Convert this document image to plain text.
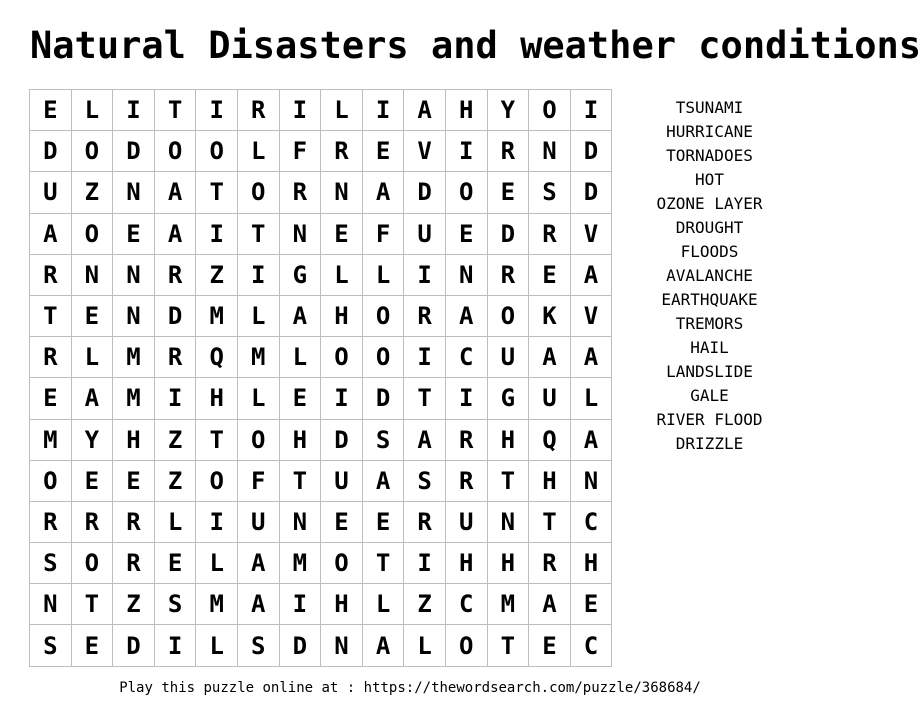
Natural Disasters and weather conditions
E	L	I	T	I	R	I	L	I	A	H	Y	O	I
D	O	D	O	O	L	F	R	E	V	I	R	N	D
U	Z	N	A	T	O	R	N	A	D	O	E	S	D
A	O	E	A	I	T	N	E	F	U	E	D	R	V
R	N	N	R	Z	I	G	L	L	I	N	R	E	A
T	E	N	D	M	L	A	H	O	R	A	O	K	V
R	L	M	R	Q	M	L	O	O	I	C	U	A	A
E	A	M	I	H	L	E	I	D	T	I	G	U	L
M	Y	H	Z	T	O	H	D	S	A	R	H	Q	A
O	E	E	Z	O	F	T	U	A	S	R	T	H	N
R	R	R	L	I	U	N	E	E	R	U	N	T	C
S	O	R	E	L	A	M	O	T	I	H	H	R	H
N	T	Z	S	M	A	I	H	L	Z	C	M	A	E
S	E	D	I	L	S	D	N	A	L	O	T	E	C
TSUNAMI
HURRICANE
TORNADOES
HOT
OZONE LAYER
DROUGHT
FLOODS
AVALANCHE
EARTHQUAKE
TREMORS
HAIL
LANDSLIDE
GALE
RIVER FLOOD
DRIZZLE
Play this puzzle online at : https://thewordsearch.com/puzzle/368684/
